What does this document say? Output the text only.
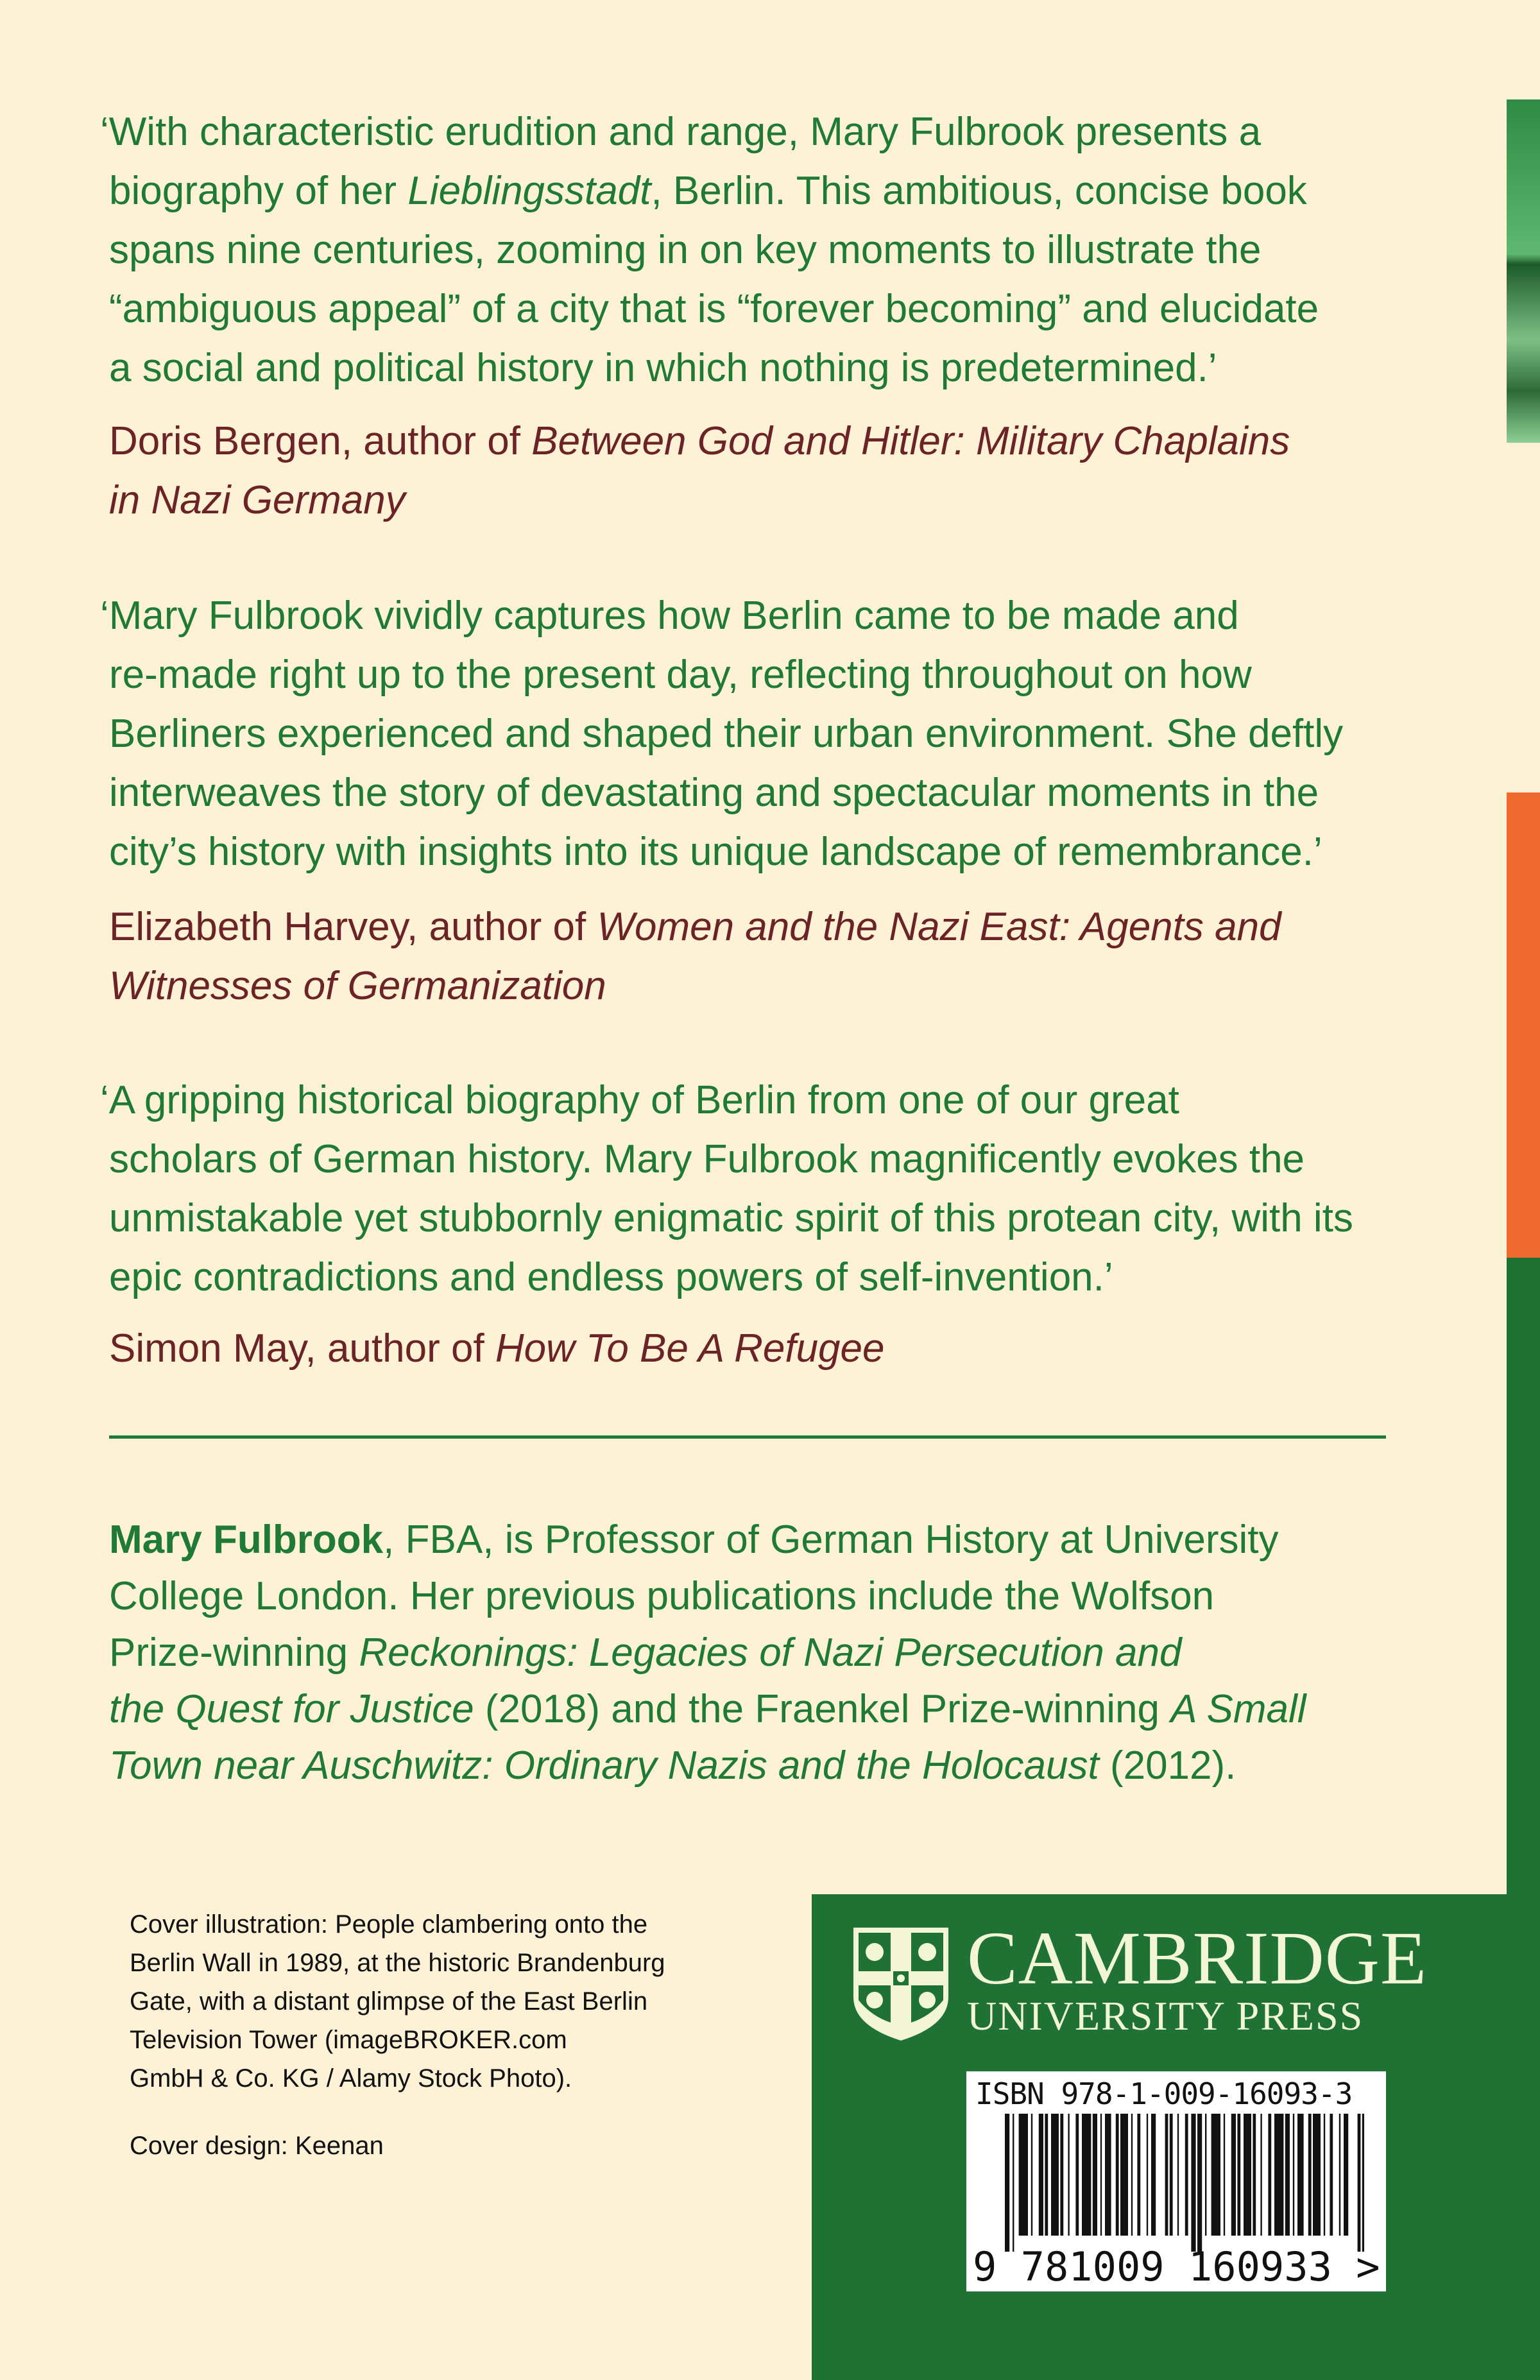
‘With characteristic erudition and range, Mary Fulbrook presents a
biography of her Lieblingsstadt, Berlin. This ambitious, concise book
spans nine centuries, zooming in on key moments to illustrate the
“ambiguous appeal” of a city that is “forever becoming” and elucidate
a social and political history in which nothing is predetermined.’
Doris Bergen, author of Between God and Hitler: Military Chaplains
in Nazi Germany
‘Mary Fulbrook vividly captures how Berlin came to be made and
re-made right up to the present day, reflecting throughout on how
Berliners experienced and shaped their urban environment. She deftly
interweaves the story of devastating and spectacular moments in the
city’s history with insights into its unique landscape of remembrance.’
Elizabeth Harvey, author of Women and the Nazi East: Agents and
Witnesses of Germanization
‘A gripping historical biography of Berlin from one of our great
scholars of German history. Mary Fulbrook magnificently evokes the
unmistakable yet stubbornly enigmatic spirit of this protean city, with its
epic contradictions and endless powers of self-invention.’
Simon May, author of How To Be A Refugee
Mary Fulbrook, FBA, is Professor of German History at University
College London. Her previous publications include the Wolfson
Prize-winning Reckonings: Legacies of Nazi Persecution and
the Quest for Justice (2018) and the Fraenkel Prize-winning A Small
Town near Auschwitz: Ordinary Nazis and the Holocaust (2012).
Cover illustration: People clambering onto the
Berlin Wall in 1989, at the historic Brandenburg
Gate, with a distant glimpse of the East Berlin
Television Tower (imageBROKER.com
GmbH & Co. KG / Alamy Stock Photo).
Cover design: Keenan
CAMBRIDGE
UNIVERSITY PRESS
ISBN 978-1-009-16093-3
9 781009 160933 >
